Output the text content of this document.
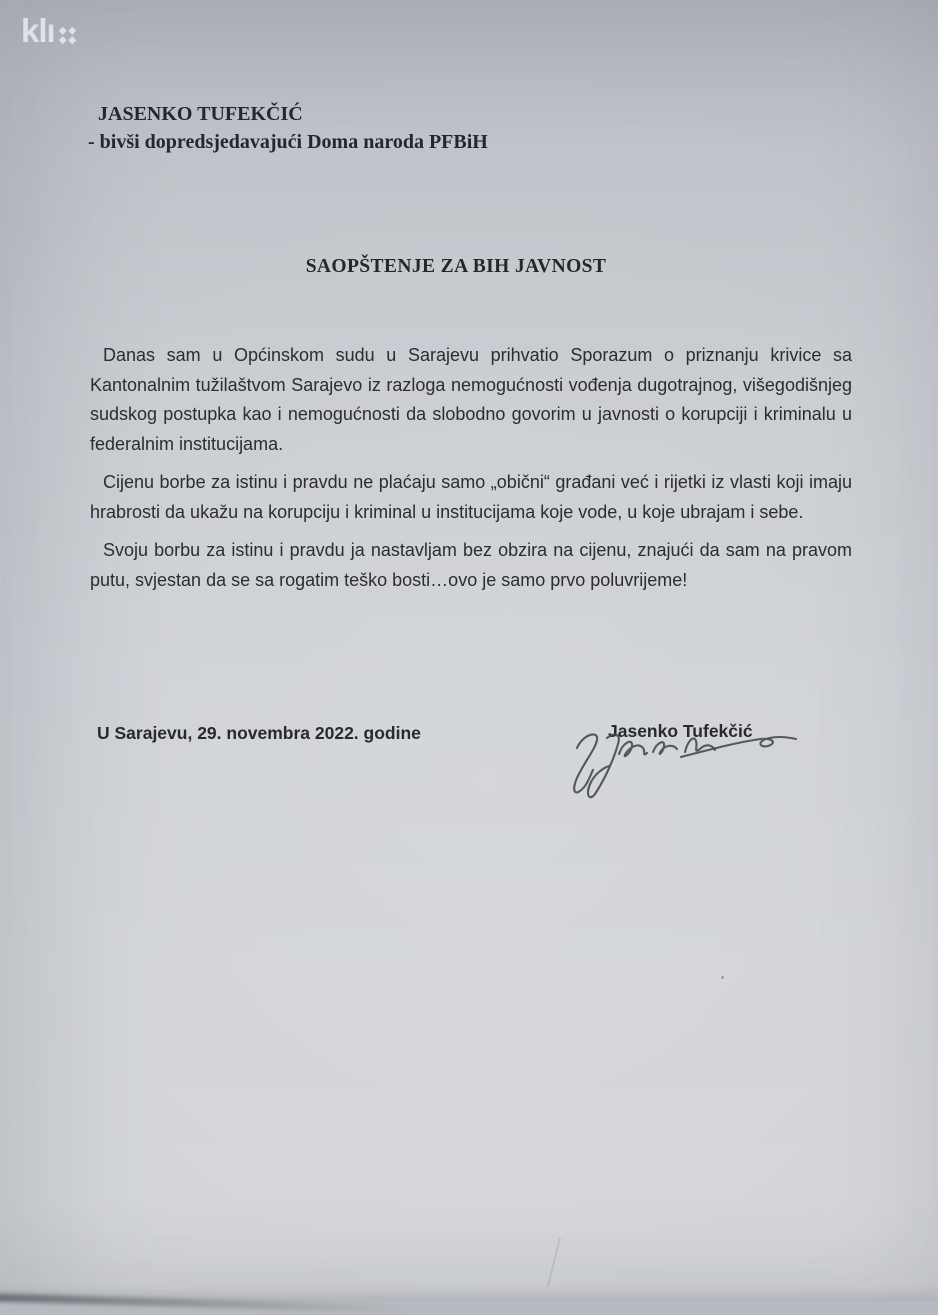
klı
JASENKO TUFEKČIĆ
- bivši dopredsjedavajući Doma naroda PFBiH
SAOPŠTENJE ZA BIH JAVNOST

Danas sam u Općinskom sudu u Sarajevu prihvatio Sporazum o priznanju krivice sa Kantonalnim tužilaštvom Sarajevo iz razloga nemogućnosti vođenja dugotrajnog, višegodišnjeg sudskog postupka kao i nemogućnosti da slobodno govorim u javnosti o korupciji i kriminalu u federalnim institucijama.

Cijenu borbe za istinu i pravdu ne plaćaju samo „obični“ građani već i rijetki iz vlasti koji imaju hrabrosti da ukažu na korupciju i kriminal u institucijama koje vode, u koje ubrajam i sebe.

Svoju borbu za istinu i pravdu ja nastavljam bez obzira na cijenu, znajući da sam na pravom putu, svjestan da se sa rogatim teško bosti…ovo je samo prvo poluvrijeme!

U Sarajevu, 29. novembra 2022. godine	Jasenko Tufekčić
